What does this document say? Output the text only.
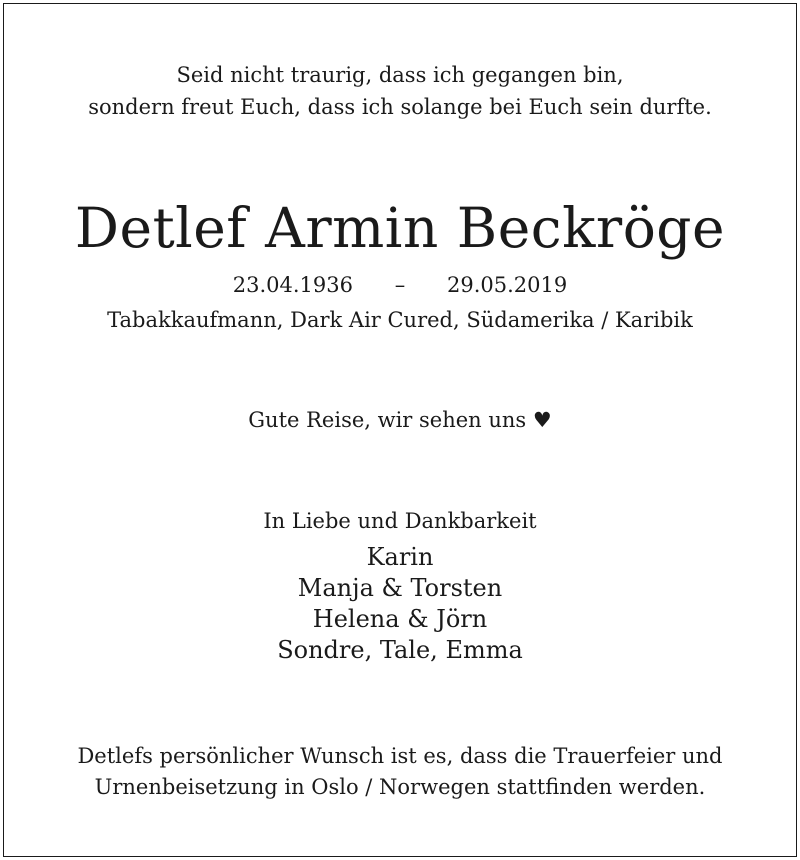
Seid nicht traurig, dass ich gegangen bin,
sondern freut Euch, dass ich solange bei Euch sein durfte.
Detlef Armin Beckröge
23.04.1936 – 29.05.2019
Tabakkaufmann, Dark Air Cured, Südamerika / Karibik
Gute Reise, wir sehen uns ♥
In Liebe und Dankbarkeit
Karin
Manja & Torsten
Helena & Jörn
Sondre, Tale, Emma
Detlefs persönlicher Wunsch ist es, dass die Trauerfeier und
Urnenbeisetzung in Oslo / Norwegen stattfinden werden.
